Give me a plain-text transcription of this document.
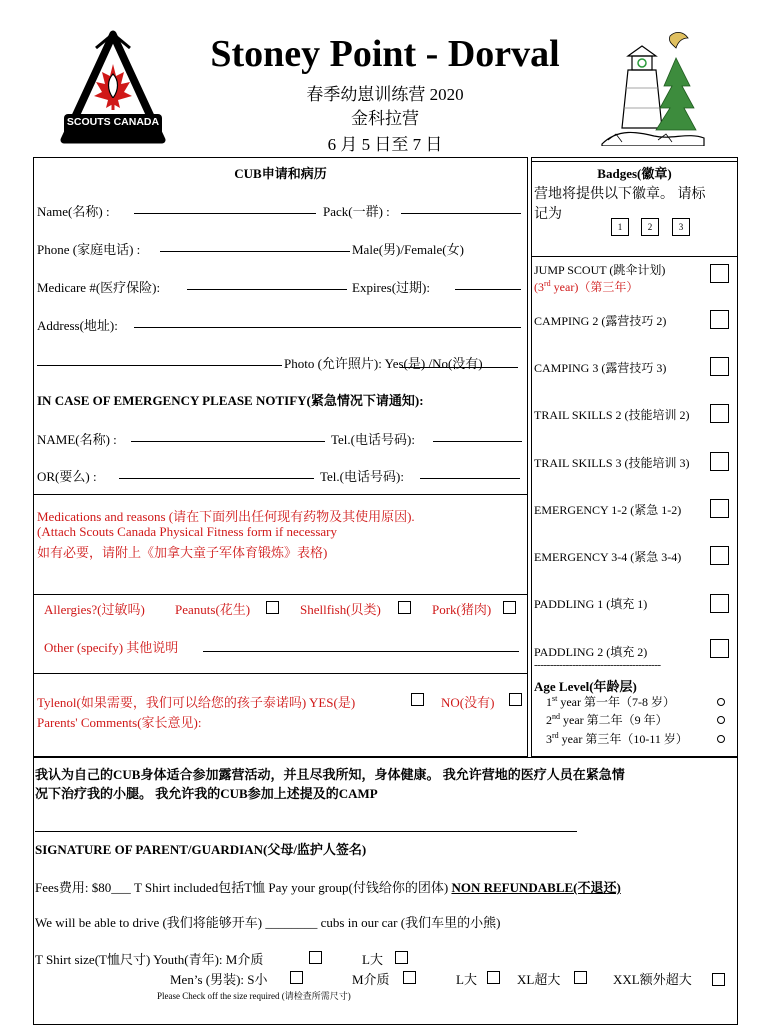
SCOUTS CANADA
Stoney Point - Dorval
春季幼崽训练营 2020
金科拉营
6 月 5 日至 7 日
CUB申请和病历
Name(名称) :	Pack(一群) :
Phone (家庭电话) :	Male(男)/Female(女)
Medicare #(医疗保险):	Expires(过期):
Address(地址):
Photo (允许照片): Yes(是) /No(没有)
IN CASE OF EMERGENCY PLEASE NOTIFY(紧急情况下请通知):
NAME(名称) :	Tel.(电话号码):
OR(要么) :	Tel.(电话号码):
Medications and reasons (请在下面列出任何现有药物及其使用原因).
(Attach Scouts Canada Physical Fitness form if necessary
如有必要，请附上《加拿大童子军体育锻炼》表格)
Allergies?(过敏吗) Peanuts(花生)	Shellfish(贝类)	Pork(猪肉)
Other (specify) 其他说明
Tylenol(如果需要，我们可以给您的孩子泰诺吗) YES(是)	NO(没有)
Parents' Comments(家长意见):
Badges(徽章)
营地将提供以下徽章。 请标
记为
1	2	3
JUMP SCOUT (跳伞计划)
(3rd year)（第三年）
CAMPING 2 (露营技巧 2)
CAMPING 3 (露营技巧 3)
TRAIL SKILLS 2 (技能培训 2)
TRAIL SKILLS 3 (技能培训 3)
EMERGENCY 1-2 (紧急 1-2)
EMERGENCY 3-4 (紧急 3-4)
PADDLING 1 (填充 1)
PADDLING 2 (填充 2)
----------------------------------------
Age Level(年龄层)
1st year 第一年（7-8 岁）
2nd year 第二年（9 年）
3rd year 第三年（10-11 岁）
我认为自己的CUB身体适合参加露营活动，并且尽我所知，身体健康。 我允许营地的医疗人员在紧急情
况下治疗我的小腿。 我允许我的CUB参加上述提及的CAMP
SIGNATURE OF PARENT/GUARDIAN(父母/监护人签名)
Fees费用: $80___ T Shirt included包括T恤 Pay your group(付钱给你的团体) NON REFUNDABLE(不退还)
We will be able to drive (我们将能够开车) ________ cubs in our car (我们车里的小熊)
T Shirt size(T恤尺寸) Youth(青年): M介质	L大
Men’s (男装): S小	M介质	L大	XL超大	XXL额外超大
Please Check off the size required (请检查所需尺寸)
